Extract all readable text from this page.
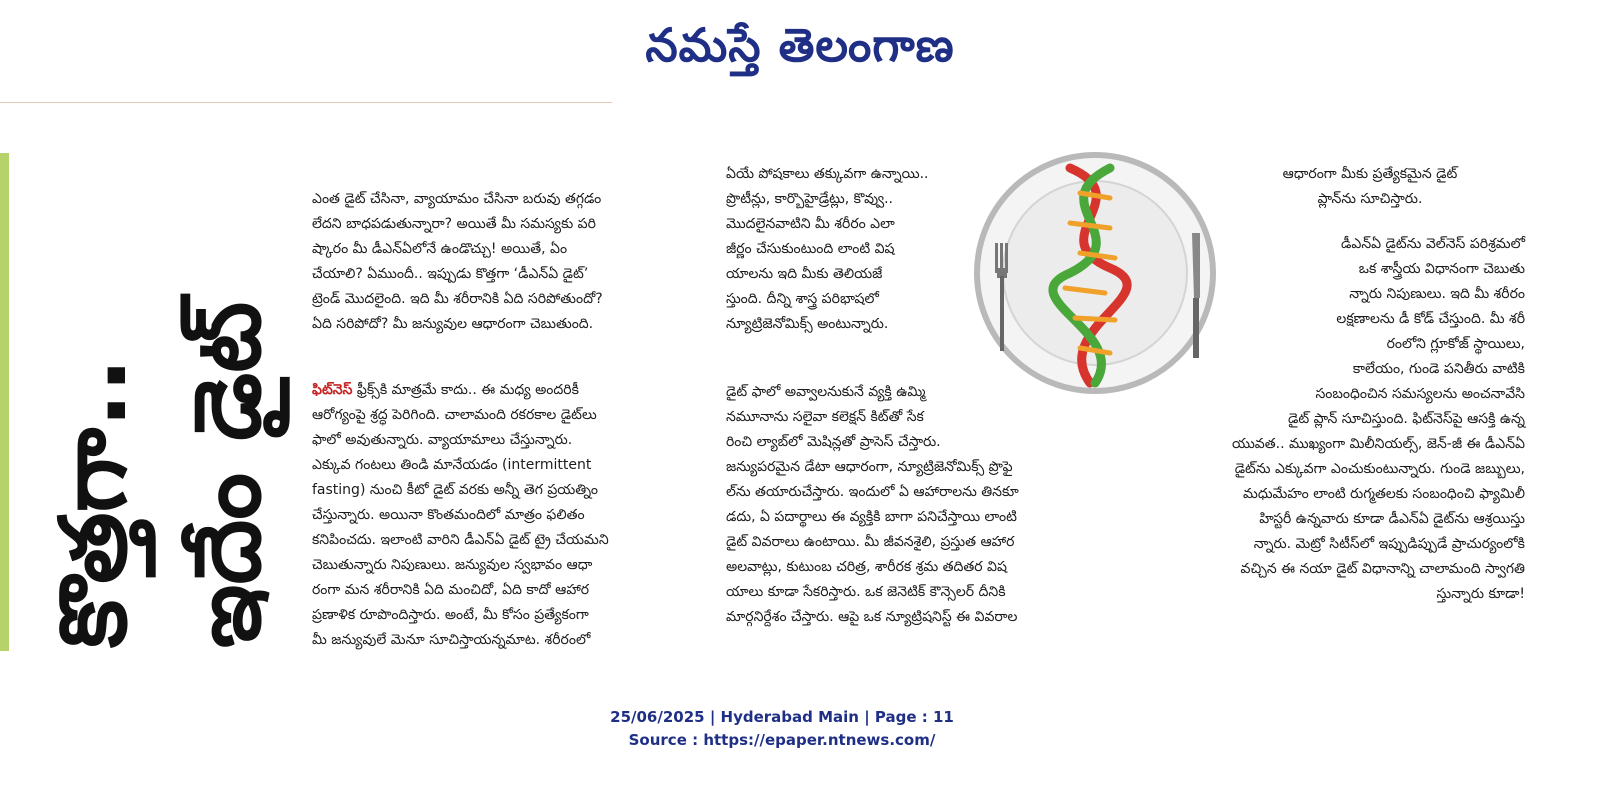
నమస్తే తెలంగాణ
ఇదేం డైట్
కొత్తగా..

ఎంత డైట్ చేసినా, వ్యాయామం చేసినా బరువు తగ్గడం
లేదని బాధపడుతున్నారా? అయితే మీ సమస్యకు పరి
ష్కారం మీ డీఎన్ఏలోనే ఉండొచ్చు! అయితే, ఏం
చేయాలి? ఏముందీ.. ఇప్పుడు కొత్తగా ‘డీఎన్ఏ డైట్’
ట్రెండ్ మొదలైంది. ఇది మీ శరీరానికి ఏది సరిపోతుందో?
ఏది సరిపోదో? మీ జన్యువుల ఆధారంగా చెబుతుంది.

ఫిట్‌నెస్ ఫ్రీక్స్‌కి మాత్రమే కాదు.. ఈ మధ్య అందరికీ
ఆరోగ్యంపై శ్రద్ధ పెరిగింది. చాలామంది రకరకాల డైట్‌లు
ఫాలో అవుతున్నారు. వ్యాయామాలు చేస్తున్నారు.
ఎక్కువ గంటలు తిండి మానేయడం (intermittent
fasting) నుంచి కీటో డైట్ వరకు అన్నీ తెగ ప్రయత్నిం
చేస్తున్నారు. అయినా కొంతమందిలో మాత్రం ఫలితం
కనిపించదు. ఇలాంటి వారిని డీఎన్ఏ డైట్ ట్రై చేయమని
చెబుతున్నారు నిపుణులు. జన్యువుల స్వభావం ఆధా
రంగా మన శరీరానికి ఏది మంచిదో, ఏది కాదో ఆహార
ప్రణాళిక రూపొందిస్తారు. అంటే, మీ కోసం ప్రత్యేకంగా
మీ జన్యువులే మెనూ సూచిస్తాయన్నమాట. శరీరంలో

ఏయే పోషకాలు తక్కువగా ఉన్నాయి..
ప్రొటీన్లు, కార్బొహైడ్రేట్లు, కొవ్వు..
మొదలైనవాటిని మీ శరీరం ఎలా
జీర్ణం చేసుకుంటుంది లాంటి విష
యాలను ఇది మీకు తెలియజే
స్తుంది. దీన్ని శాస్త్ర పరిభాషలో
న్యూట్రిజెనోమిక్స్ అంటున్నారు.
డైట్ ఫాలో అవ్వాలనుకునే వ్యక్తి ఉమ్మి
నమూనాను సలైవా కలెక్షన్ కిట్‌తో సేక
రించి ల్యాబ్‌లో మెషిన్లతో ప్రాసెస్ చేస్తారు.
జన్యుపరమైన డేటా ఆధారంగా, న్యూట్రిజెనోమిక్స్ ప్రొఫై
ల్‌ను తయారుచేస్తారు. ఇందులో ఏ ఆహారాలను తినకూ
డదు, ఏ పదార్థాలు ఈ వ్యక్తికి బాగా పనిచేస్తాయి లాంటి
డైట్ వివరాలు ఉంటాయి. మీ జీవనశైలి, ప్రస్తుత ఆహార
అలవాట్లు, కుటుంబ చరిత్ర, శారీరక శ్రమ తదితర విష
యాలు కూడా సేకరిస్తారు. ఒక జెనెటిక్ కౌన్సెలర్ దీనికి
మార్గనిర్దేశం చేస్తారు. ఆపై ఒక న్యూట్రిషనిస్ట్ ఈ వివరాల
ఆధారంగా మీకు ప్రత్యేకమైన డైట్
ప్లాన్‌ను సూచిస్తారు.
డీఎన్ఏ డైట్‌ను వెల్‌నెస్ పరిశ్రమలో
ఒక శాస్త్రీయ విధానంగా చెబుతు
న్నారు నిపుణులు. ఇది మీ శరీరం
లక్షణాలను డీ కోడ్ చేస్తుంది. మీ శరీ
రంలోని గ్లూకోజ్ స్థాయిలు,
కాలేయం, గుండె పనితీరు వాటికి
సంబంధించిన సమస్యలను అంచనావేసి
డైట్ ప్లాన్ సూచిస్తుంది. ఫిట్‌నెస్‌పై ఆసక్తి ఉన్న
యువత.. ముఖ్యంగా మిలీనియల్స్, జెన్-జీ ఈ డీఎన్ఏ
డైట్‌ను ఎక్కువగా ఎంచుకుంటున్నారు. గుండె జబ్బులు,
మధుమేహం లాంటి రుగ్మతలకు సంబంధించి ఫ్యామిలీ
హిస్టరీ ఉన్నవారు కూడా డీఎన్ఏ డైట్‌ను ఆశ్రయిస్తు
న్నారు. మెట్రో సిటీస్‌లో ఇప్పుడిప్పుడే ప్రాచుర్యంలోకి
వచ్చిన ఈ నయా డైట్ విధానాన్ని చాలామంది స్వాగతి
స్తున్నారు కూడా!
25/06/2025 | Hyderabad Main | Page : 11
Source : https://epaper.ntnews.com/
